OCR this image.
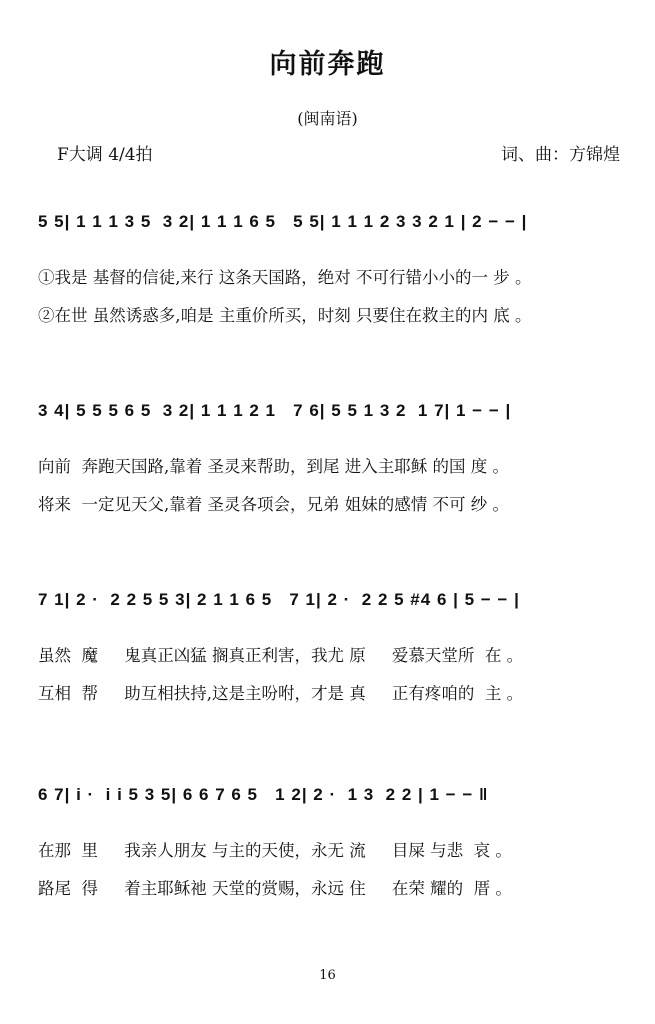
向前奔跑
(闽南语)
F大调 4/4拍	词、曲：方锦煌
5 5| 1 1 1 3 5  3 2| 1 1 1 6 5   5 5| 1 1 1 2 3 3 2 1 | 2 − − |
①我是 基督的信徒,来行 这条天国路，绝对 不可行错小小的一 步 。
②在世 虽然诱惑多,咱是 主重价所买，时刻 只要住在救主的内 底 。
3 4| 5 5 5 6 5  3 2| 1 1 1 2 1   7 6| 5 5 1 3 2  1 7| 1 − − |
向前  奔跑天国路,靠着 圣灵来帮助，到尾 进入主耶稣 的国 度 。
将来  一定见天父,靠着 圣灵各项会，兄弟 姐妹的感情 不可 纱 。
7 1| 2 ·  2 2 5 5 3| 2 1 1 6 5   7 1| 2 ·  2 2 5 #4 6 | 5 − − |
虽然  魔     鬼真正凶猛 搁真正利害，我尤 原     爱慕天堂所  在 。
互相  帮     助互相扶持,这是主吩咐，才是 真     正有疼咱的  主 。
6 7| i ·  i i 5 3 5| 6 6 7 6 5   1 2| 2 ·  1 3  2 2 | 1 − − ‖
在那  里     我亲人朋友 与主的天使，永无 流     目屎 与悲  哀 。
路尾  得     着主耶稣祂 天堂的赏赐，永远 住     在荣 耀的  厝 。
16
